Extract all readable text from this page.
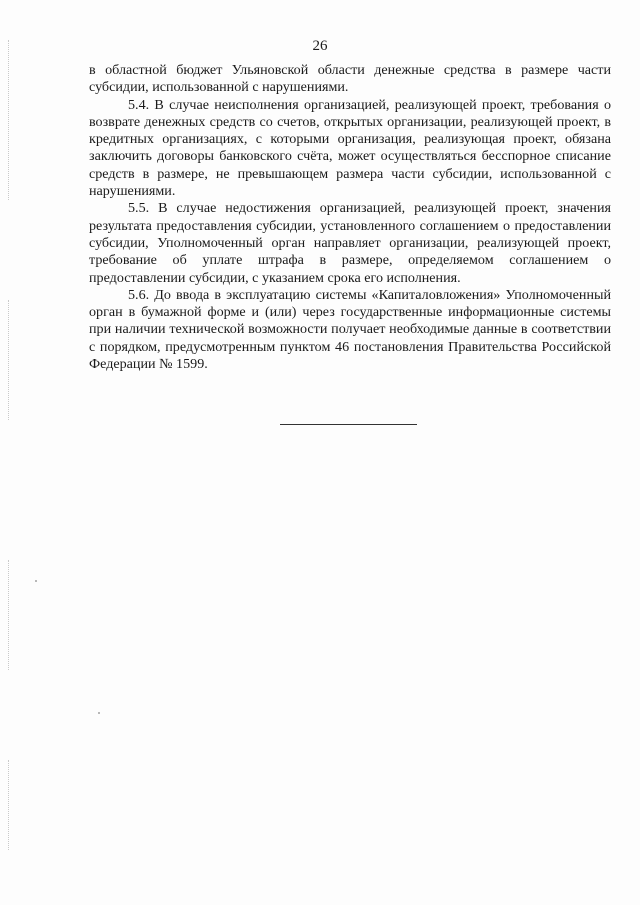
26

в областной бюджет Ульяновской области денежные средства в размере части субсидии, использованной с нарушениями.

5.4. В случае неисполнения организацией, реализующей проект, требования о возврате денежных средств со счетов, открытых организации, реализующей проект, в кредитных организациях, с которыми организация, реализующая проект, обязана заключить договоры банковского счёта, может осуществляться бесспорное списание средств в размере, не превышающем размера части субсидии, использованной с нарушениями.

5.5. В случае недостижения организацией, реализующей проект, значения результата предоставления субсидии, установленного соглашением о предоставлении субсидии, Уполномоченный орган направляет организации, реализующей проект, требование об уплате штрафа в размере, определяемом соглашением о предоставлении субсидии, с указанием срока его исполнения.

5.6. До ввода в эксплуатацию системы «Капиталовложения» Уполномоченный орган в бумажной форме и (или) через государственные информационные системы при наличии технической возможности получает необходимые данные в соответствии с порядком, предусмотренным пунктом 46 постановления Правительства Российской Федерации № 1599.
